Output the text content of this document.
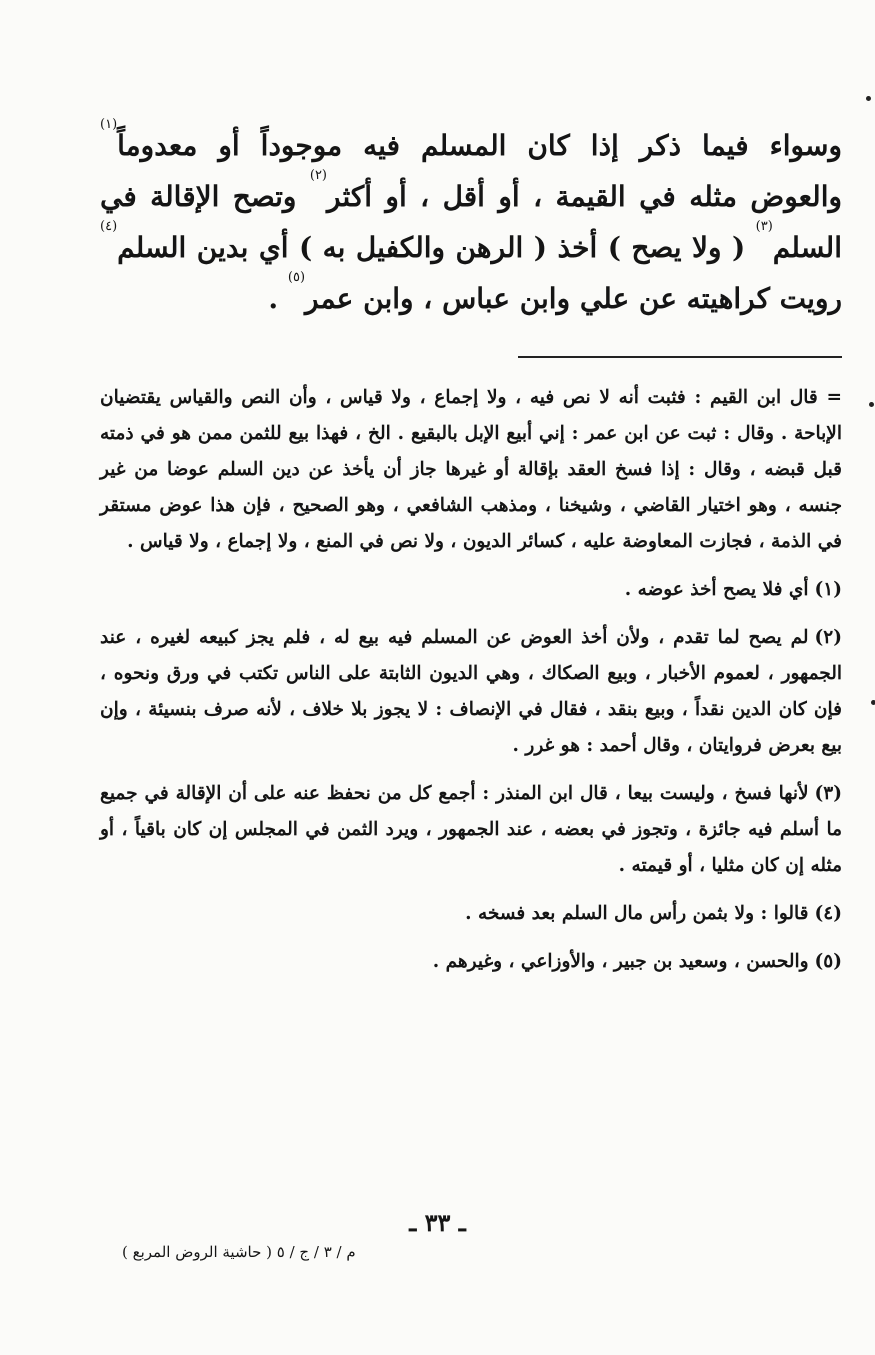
وسواء فيما ذكر إذا كان المسلم فيه موجوداً أو معدوماً$^{(١)}$ والعوض مثله في القيمة ، أو أقل ، أو أكثر$^{(٢)}$ وتصح الإقالة في السلم$^{(٣)}$ ( ولا يصح ) أخذ ( الرهن والكفيل به ) أي بدين السلم$^{(٤)}$ رويت كراهيته عن علي وابن عباس ، وابن عمر$^{(٥)}$ .

= قال ابن القيم : فثبت أنه لا نص فيه ، ولا إجماع ، ولا قياس ، وأن النص والقياس يقتضيان الإباحة . وقال : ثبت عن ابن عمر : إني أبيع الإبل بالبقيع . الخ ، فهذا بيع للثمن ممن هو في ذمته قبل قبضه ، وقال : إذا فسخ العقد بإقالة أو غيرها جاز أن يأخذ عن دين السلم عوضا من غير جنسه ، وهو اختيار القاضي ، وشيخنا ، ومذهب الشافعي ، وهو الصحيح ، فإن هذا عوض مستقر في الذمة ، فجازت المعاوضة عليه ، كسائر الديون ، ولا نص في المنع ، ولا إجماع ، ولا قياس .

(١)أي فلا يصح أخذ عوضه .

(٢)لم يصح لما تقدم ، ولأن أخذ العوض عن المسلم فيه بيع له ، فلم يجز كبيعه لغيره ، عند الجمهور ، لعموم الأخبار ، وبيع الصكاك ، وهي الديون الثابتة على الناس تكتب في ورق ونحوه ، فإن كان الدين نقداً ، وبيع بنقد ، فقال في الإنصاف : لا يجوز بلا خلاف ، لأنه صرف بنسيئة ، وإن بيع بعرض فروايتان ، وقال أحمد : هو غرر .

(٣)لأنها فسخ ، وليست بيعا ، قال ابن المنذر : أجمع كل من نحفظ عنه على أن الإقالة في جميع ما أسلم فيه جائزة ، وتجوز في بعضه ، عند الجمهور ، ويرد الثمن في المجلس إن كان باقياً ، أو مثله إن كان مثليا ، أو قيمته .

(٤)قالوا : ولا بثمن رأس مال السلم بعد فسخه .

(٥)والحسن ، وسعيد بن جبير ، والأوزاعي ، وغيرهم .

ـ ٣٣ ـ
م / ٣ / ج / ٥ ( حاشية الروض المربع )
